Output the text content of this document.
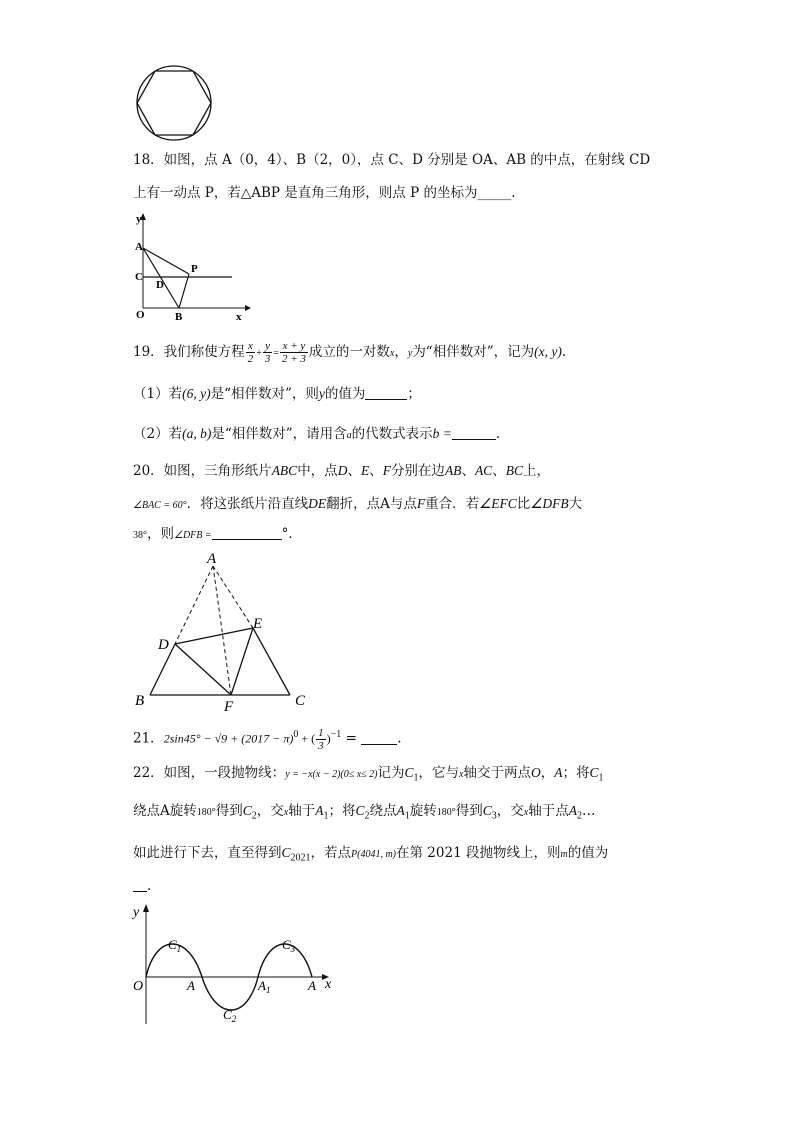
18．如图，点 A（0，4）、B（2，0），点 C、D 分别是 OA、AB 的中点，在射线 CD
上有一动点 P，若△ABP 是直角三角形，则点 P 的坐标为_____.
y
A
C
P
D
O	B	x
19．我们称使方程 $\frac{x}{2} + \frac{y}{3} = \frac{x + y}{2 + 3}$ 成立的一对数x，y为“相伴数对”，记为(x, y).
（1）若(6, y)是“相伴数对”，则y的值为	；
（2）若(a, b)是“相伴数对”，请用含a的代数式表示b =	.
20．如图，三角形纸片ABC中，点D、E、F分别在边AB、AC、BC上，
∠BAC = 60°．将这张纸片沿直线DE翻折，点A与点F重合．若∠EFC比∠DFB大
38°，则∠DFB =	°．
A
E
D
B	F	C
21．$2\sin 45^\circ - √9 + (2017 - \pi)^0$ + ( $\frac{1}{3} )^{-1}$ =	.
22．如图，一段抛物线：y = −x(x − 2)(0≤ x≤ 2)记为$C_1$，它与x轴交于两点O，A；将$C_1$
绕点A旋转180°得到$C_2$，交x轴于$A_1$；将$C_2$绕点$A_1$旋转180°得到$C_3$，交x轴于点$A_2\dots$
如此进行下去，直至得到$C_{2021}$，若点P(4041, m)在第 2021 段抛物线上，则m的值为
.
y
$C_1$	$C_3$
O	A	$A_1$	A x
$C_2$
